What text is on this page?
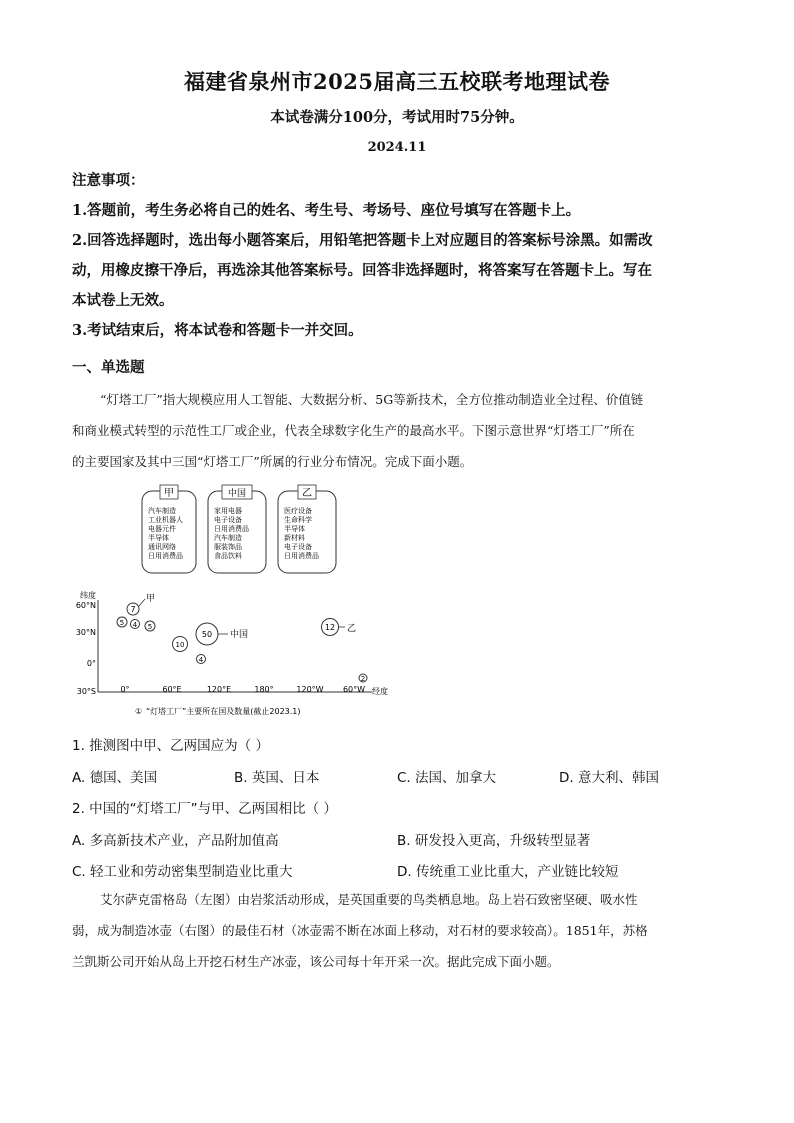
福建省泉州市2025届高三五校联考地理试卷
本试卷满分100分，考试用时75分钟。
2024.11
注意事项：
1.答题前，考生务必将自己的姓名、考生号、考场号、座位号填写在答题卡上。
2.回答选择题时，选出每小题答案后，用铅笔把答题卡上对应题目的答案标号涂黑。如需改
动，用橡皮擦干净后，再选涂其他答案标号。回答非选择题时，将答案写在答题卡上。写在
本试卷上无效。
3.考试结束后，将本试卷和答题卡一并交回。
一、单选题
“灯塔工厂”指大规模应用人工智能、大数据分析、5G等新技术，全方位推动制造业全过程、价值链
和商业模式转型的示范性工厂或企业，代表全球数字化生产的最高水平。下图示意世界“灯塔工厂”所在
的主要国家及其中三国“灯塔工厂”所属的行业分布情况。完成下面小题。
甲
汽车制造
工业机器人
电器元件
半导体
通讯网络
日用消费品
中国
家用电器
电子设备
日用消费品
汽车制造
服装饰品
食品饮料
乙
医疗设备
生命科学
半导体
新材料
电子设备
日用消费品
纬度
经度
60°N
30°N
0°
30°S	0°	60°E	120°E	180°	120°W 60°W
7
甲
5 4 5
10
50 中国
4
12 乙
2
① “灯塔工厂”主要所在国及数量(截止2023.1)
1. 推测图中甲、乙两国应为（ ）
A. 德国、美国	B. 英国、日本	C. 法国、加拿大	D. 意大利、韩国
2. 中国的“灯塔工厂”与甲、乙两国相比（ ）
A. 多高新技术产业，产品附加值高	B. 研发投入更高，升级转型显著
C. 轻工业和劳动密集型制造业比重大	D. 传统重工业比重大，产业链比较短
艾尔萨克雷格岛（左图）由岩浆活动形成，是英国重要的鸟类栖息地。岛上岩石致密坚硬、吸水性
弱，成为制造冰壶（右图）的最佳石材（冰壶需不断在冰面上移动，对石材的要求较高）。1851年，苏格
兰凯斯公司开始从岛上开挖石材生产冰壶，该公司每十年开采一次。据此完成下面小题。
